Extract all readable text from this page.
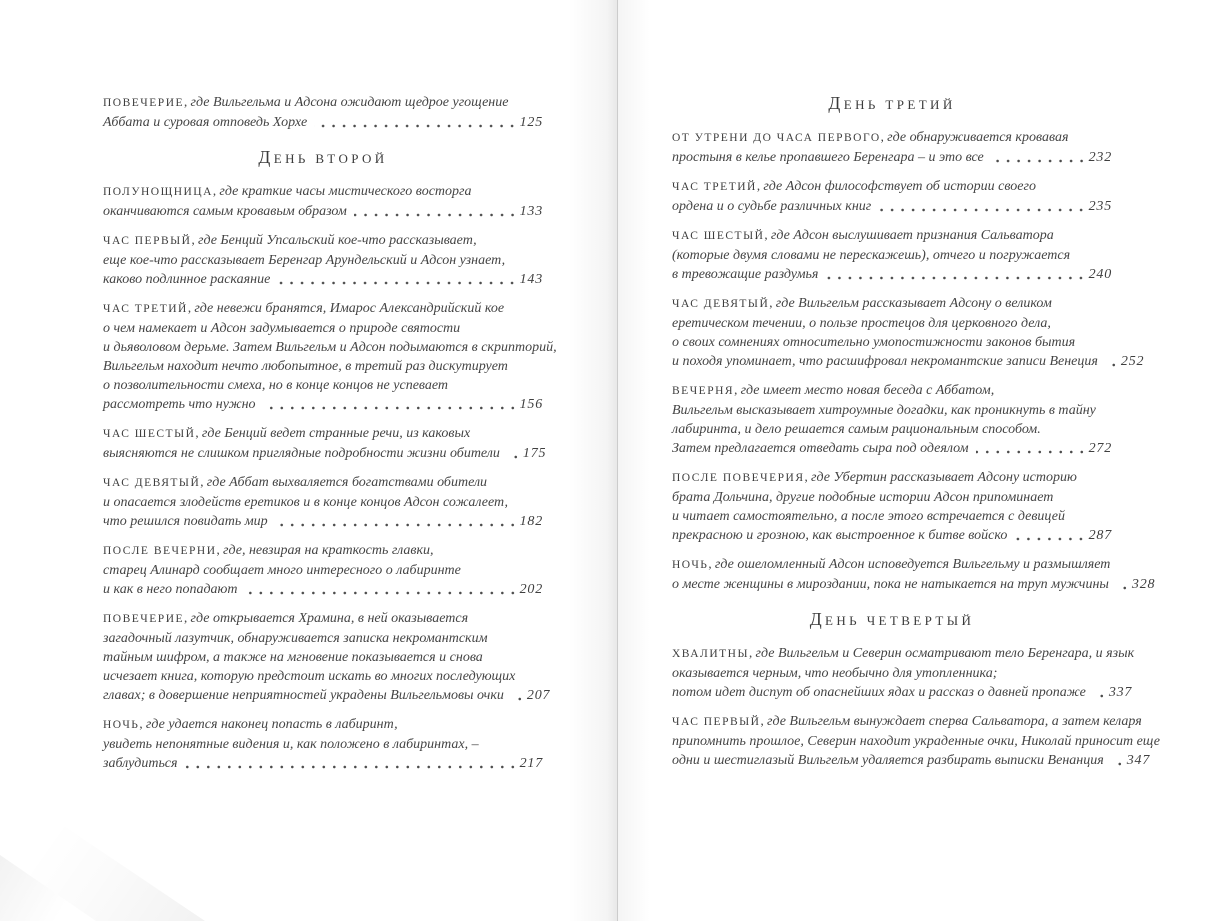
ПОВЕЧЕРИЕ, где Вильгельма и Адсона ожидают щедрое угощение
Аббата и суровая отповедь Хорхе	125
ДЕНЬ ВТОРОЙ
ПОЛУНОЩНИЦА, где краткие часы мистического восторга
оканчиваются самым кровавым образом	133
ЧАС ПЕРВЫЙ, где Бенций Упсальский кое-что рассказывает,
еще кое-что рассказывает Беренгар Арундельский и Адсон узнает,
каково подлинное раскаяние	143
ЧАС ТРЕТИЙ, где невежи бранятся, Имарос Александрийский кое
о чем намекает и Адсон задумывается о природе святости
и дьяволовом дерьме. Затем Вильгельм и Адсон подымаются в скрипторий,
Вильгельм находит нечто любопытное, в третий раз дискутирует
о позволительности смеха, но в конце концов не успевает
рассмотреть что нужно	156
ЧАС ШЕСТЫЙ, где Бенций ведет странные речи, из каковых
выясняются не слишком приглядные подробности жизни обители 175
ЧАС ДЕВЯТЫЙ, где Аббат выхваляется богатствами обители
и опасается злодейств еретиков и в конце концов Адсон сожалеет,
что решился повидать мир	182
ПОСЛЕ ВЕЧЕРНИ, где, невзирая на краткость главки,
старец Алинард сообщает много интересного о лабиринте
и как в него попадают	202
ПОВЕЧЕРИЕ, где открывается Храмина, в ней оказывается
загадочный лазутчик, обнаруживается записка некромантским
тайным шифром, а также на мгновение показывается и снова
исчезает книга, которую предстоит искать во многих последующих
главах; в довершение неприятностей украдены Вильгельмовы очки 207
НОЧЬ, где удается наконец попасть в лабиринт,
увидеть непонятные видения и, как положено в лабиринтах, –
заблудиться	217
ДЕНЬ ТРЕТИЙ
ОТ УТРЕНИ ДО ЧАСА ПЕРВОГО, где обнаруживается кровавая
простыня в келье пропавшего Беренгара – и это все	232
ЧАС ТРЕТИЙ, где Адсон философствует об истории своего
ордена и о судьбе различных книг	235
ЧАС ШЕСТЫЙ, где Адсон выслушивает признания Сальватора
(которые двумя словами не перескажешь), отчего и погружается
в тревожащие раздумья	240
ЧАС ДЕВЯТЫЙ, где Вильгельм рассказывает Адсону о великом
еретическом течении, о пользе простецов для церковного дела,
о своих сомнениях относительно умопостижности законов бытия
и походя упоминает, что расшифровал некромантские записи Венеция 252
ВЕЧЕРНЯ, где имеет место новая беседа с Аббатом,
Вильгельм высказывает хитроумные догадки, как проникнуть в тайну
лабиринта, и дело решается самым рациональным способом.
Затем предлагается отведать сыра под одеялом	272
ПОСЛЕ ПОВЕЧЕРИЯ, где Убертин рассказывает Адсону историю
брата Дольчина, другие подобные истории Адсон припоминает
и читает самостоятельно, а после этого встречается с девицей
прекрасною и грозною, как выстроенное к битве войско	287
НОЧЬ, где ошеломленный Адсон исповедуется Вильгельму и размышляет
о месте женщины в мироздании, пока не натыкается на труп мужчины 328
ДЕНЬ ЧЕТВЕРТЫЙ
ХВАЛИТНЫ, где Вильгельм и Северин осматривают тело Беренгара, и язык
оказывается черным, что необычно для утопленника;
потом идет диспут об опаснейших ядах и рассказ о давней пропаже 337
ЧАС ПЕРВЫЙ, где Вильгельм вынуждает сперва Сальватора, а затем келаря
припомнить прошлое, Северин находит украденные очки, Николай приносит еще
одни и шестиглазый Вильгельм удаляется разбирать выписки Венанция 347
